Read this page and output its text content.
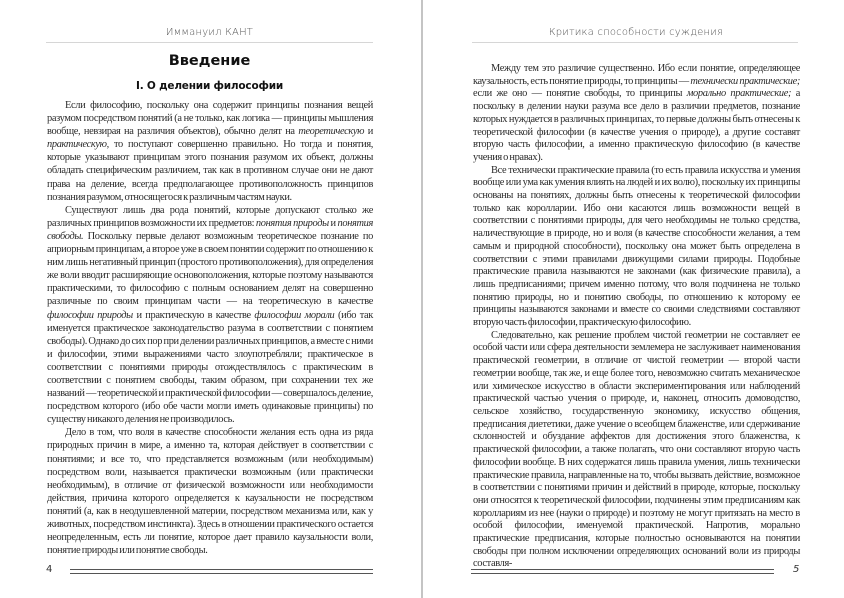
Иммануил КАНТ
Введение
I. О делении философии

Если философию, поскольку она содержит принципы познания вещей разумом посредством понятий (а не только, как логика — принципы мышления вообще, невзирая на различия объектов), обычно делят на теоретическую и практическую, то поступают совершенно правильно. Но тогда и понятия, которые указывают принципам этого познания разумом их объект, должны обладать специфическим различием, так как в противном случае они не дают права на деление, всегда предполагающее противоположность принципов познания разумом, относящегося к различным частям науки.

Существуют лишь два рода понятий, которые допускают столько же различных принципов возможности их предметов: понятия природы и понятия свободы. Поскольку первые делают возможным теоретическое познание по априорным принципам, а второе уже в своем понятии содержит по отношению к ним лишь негативный принцип (простого противоположения), для определения же воли вводит расширяющие основоположения, которые поэтому называются практическими, то философию с полным основанием делят на совершенно различные по своим принципам части — на теоретическую в качестве философии природы и практическую в качестве философии морали (ибо так именуется практическое законодательство разума в соответствии с понятием свободы). Однако до сих пор при делении различных принципов, а вместе с ними и философии, этими выражениями часто злоупотребляли; практическое в соответствии с понятиями природы отождествлялось с практическим в соответствии с понятием свободы, таким образом, при сохранении тех же названий — теоретической и практической философии — совершалось деление, посредством которого (ибо обе части могли иметь одинаковые принципы) по существу никакого деления не производилось.

Дело в том, что воля в качестве способности желания есть одна из ряда природных причин в мире, а именно та, которая действует в соответствии с понятиями; и все то, что представляется возможным (или необходимым) посредством воли, называется практически возможным (или практически необходимым), в отличие от физической возможности или необходимости действия, причина которого определяется к каузальности не посредством понятий (а, как в неодушевленной материи, посредством механизма или, как у животных, посредством инстинкта). Здесь в отношении практического остается неопределенным, есть ли понятие, которое дает правило каузальности воли, понятие природы или понятие свободы.

4
Критика способности суждения

Между тем это различие существенно. Ибо если понятие, определяющее каузальность, есть понятие природы, то принципы — технически практические; если же оно — понятие свободы, то принципы морально практические; а поскольку в делении науки разума все дело в различии предметов, познание которых нуждается в различных принципах, то первые должны быть отнесены к теоретической философии (в качестве учения о природе), а другие составят вторую часть философии, а именно практическую философию (в качестве учения о нравах).

Все технически практические правила (то есть правила искусства и умения вообще или ума как умения влиять на людей и их волю), поскольку их принципы основаны на понятиях, должны быть отнесены к теоретической философии только как королларии. Ибо они касаются лишь возможности вещей в соответствии с понятиями природы, для чего необходимы не только средства, наличествующие в природе, но и воля (в качестве способности желания, а тем самым и природной способности), поскольку она может быть определена в соответствии с этими правилами движущими силами природы. Подобные практические правила называются не законами (как физические правила), а лишь предписаниями; причем именно потому, что воля подчинена не только понятию природы, но и понятию свободы, по отношению к которому ее принципы называются законами и вместе со своими следствиями составляют вторую часть философии, практическую философию.

Следовательно, как решение проблем чистой геометрии не составляет ее особой части или сфера деятельности землемера не заслуживает наименования практической геометрии, в отличие от чистой геометрии — второй части геометрии вообще, так же, и еще более того, невозможно считать механическое или химическое искусство в области экспериментирования или наблюдений практической частью учения о природе, и, наконец, относить домоводство, сельское хозяйство, государственную экономику, искусство общения, предписания диететики, даже учение о всеобщем блаженстве, или сдерживание склонностей и обуздание аффектов для достижения этого блаженства, к практической философии, а также полагать, что они составляют вторую часть философии вообще. В них содержатся лишь правила умения, лишь технически практические правила, направленные на то, чтобы вызвать действие, возможное в соответствии с понятиями причин и действий в природе, которые, поскольку они относятся к теоретической философии, подчинены этим предписаниям как короллариям из нее (науки о природе) и поэтому не могут притязать на место в особой философии, именуемой практической. Напротив, морально практические предписания, которые полностью основываются на понятии свободы при полном исключении определяющих оснований воли из природы составля-

5
